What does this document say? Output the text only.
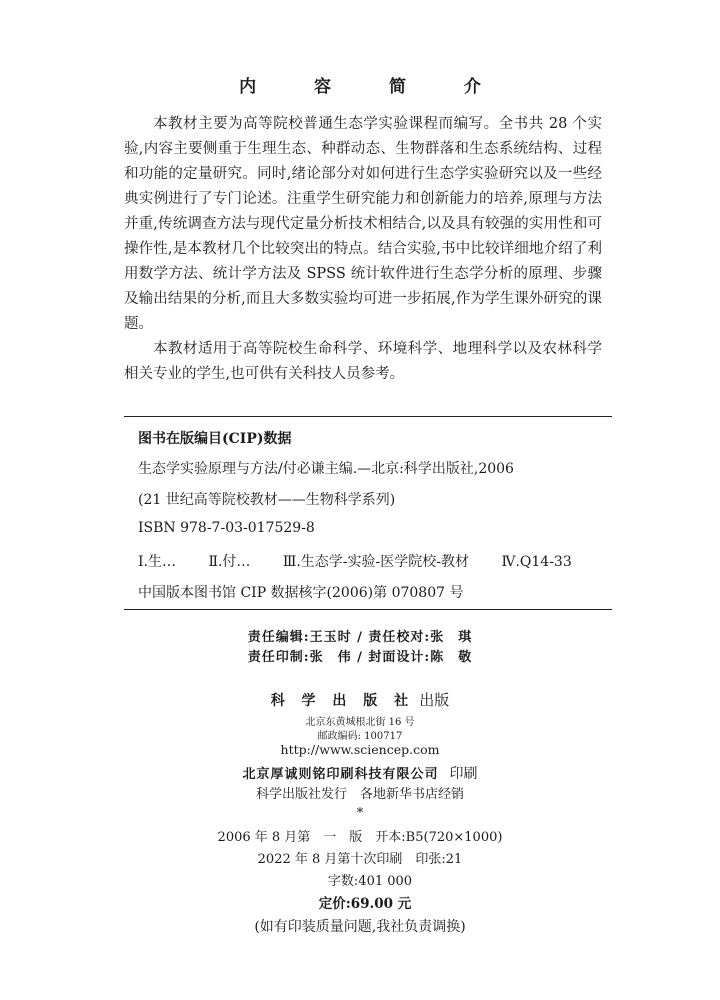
内 容 简 介

本教材主要为高等院校普通生态学实验课程而编写。全书共 28 个实验,内容主要侧重于生理生态、种群动态、生物群落和生态系统结构、过程和功能的定量研究。同时,绪论部分对如何进行生态学实验研究以及一些经典实例进行了专门论述。注重学生研究能力和创新能力的培养,原理与方法并重,传统调查方法与现代定量分析技术相结合,以及具有较强的实用性和可操作性,是本教材几个比较突出的特点。结合实验,书中比较详细地介绍了利用数学方法、统计学方法及 SPSS 统计软件进行生态学分析的原理、步骤及输出结果的分析,而且大多数实验均可进一步拓展,作为学生课外研究的课题。

本教材适用于高等院校生命科学、环境科学、地理科学以及农林科学相关专业的学生,也可供有关科技人员参考。

图书在版编目(CIP)数据
生态学实验原理与方法/付必谦主编.—北京:科学出版社,2006
(21 世纪高等院校教材——生物科学系列)
ISBN 978-7-03-017529-8
Ⅰ.生… Ⅱ.付… Ⅲ.生态学-实验-医学院校-教材 Ⅳ.Q14-33
中国版本图书馆 CIP 数据核字(2006)第 070807 号
责任编辑:王玉时 / 责任校对:张　琪
责任印制:张　伟 / 封面设计:陈　敬
科 学 出 版 社 出版
北京东黄城根北街 16 号
邮政编码: 100717
http://www.sciencep.com
北京厚诚则铭印刷科技有限公司 印刷
科学出版社发行　各地新华书店经销
*
2006 年 8 月第　一　版　开本:B5(720×1000)
2022 年 8 月第十次印刷　印张:21
字数:401 000
定价:69.00 元
(如有印装质量问题,我社负责调换)
